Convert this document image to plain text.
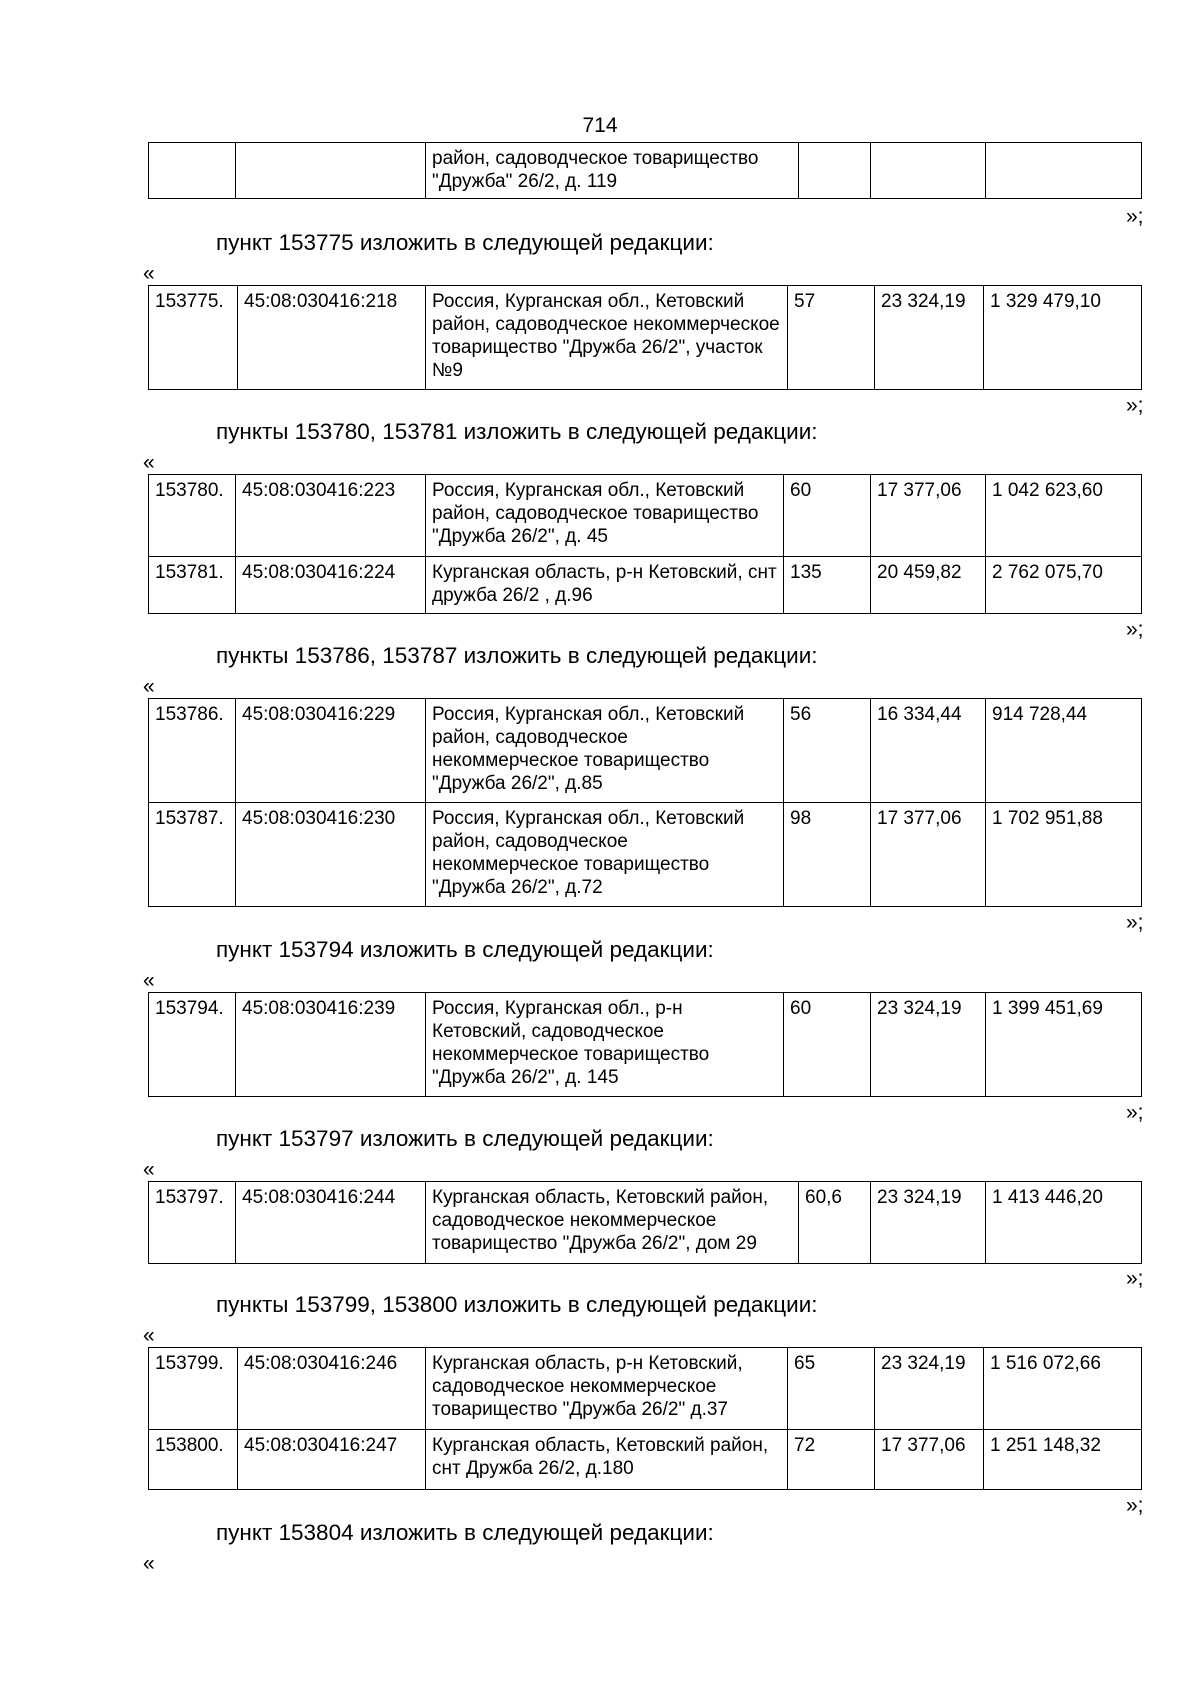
714
		район, садоводческое товарищество "Дружба" 26/2, д. 119			
»;
пункт 153775 изложить в следующей редакции:
«
153775.	45:08:030416:218	Россия, Курганская обл., Кетовский район, садоводческое некоммерческое товарищество "Дружба 26/2", участок №9	57	23 324,19	1 329 479,10
»;
пункты 153780, 153781 изложить в следующей редакции:
«
153780.	45:08:030416:223	Россия, Курганская обл., Кетовский район, садоводческое товарищество "Дружба 26/2", д. 45	60	17 377,06	1 042 623,60
153781.	45:08:030416:224	Курганская область, р-н Кетовский, снт дружба 26/2 , д.96	135	20 459,82	2 762 075,70
»;
пункты 153786, 153787 изложить в следующей редакции:
«
153786.	45:08:030416:229	Россия, Курганская обл., Кетовский район, садоводческое некоммерческое товарищество "Дружба 26/2", д.85	56	16 334,44	914 728,44
153787.	45:08:030416:230	Россия, Курганская обл., Кетовский район, садоводческое некоммерческое товарищество "Дружба 26/2", д.72	98	17 377,06	1 702 951,88
»;
пункт 153794 изложить в следующей редакции:
«
153794.	45:08:030416:239	Россия, Курганская обл., р-н Кетовский, садоводческое некоммерческое товарищество "Дружба 26/2", д. 145	60	23 324,19	1 399 451,69
»;
пункт 153797 изложить в следующей редакции:
«
153797.	45:08:030416:244	Курганская область, Кетовский район, садоводческое некоммерческое товарищество "Дружба 26/2", дом 29	60,6	23 324,19	1 413 446,20
»;
пункты 153799, 153800 изложить в следующей редакции:
«
153799.	45:08:030416:246	Курганская область, р-н Кетовский, садоводческое некоммерческое товарищество "Дружба 26/2" д.37	65	23 324,19	1 516 072,66
153800.	45:08:030416:247	Курганская область, Кетовский район, снт Дружба 26/2, д.180	72	17 377,06	1 251 148,32
»;
пункт 153804 изложить в следующей редакции:
«
